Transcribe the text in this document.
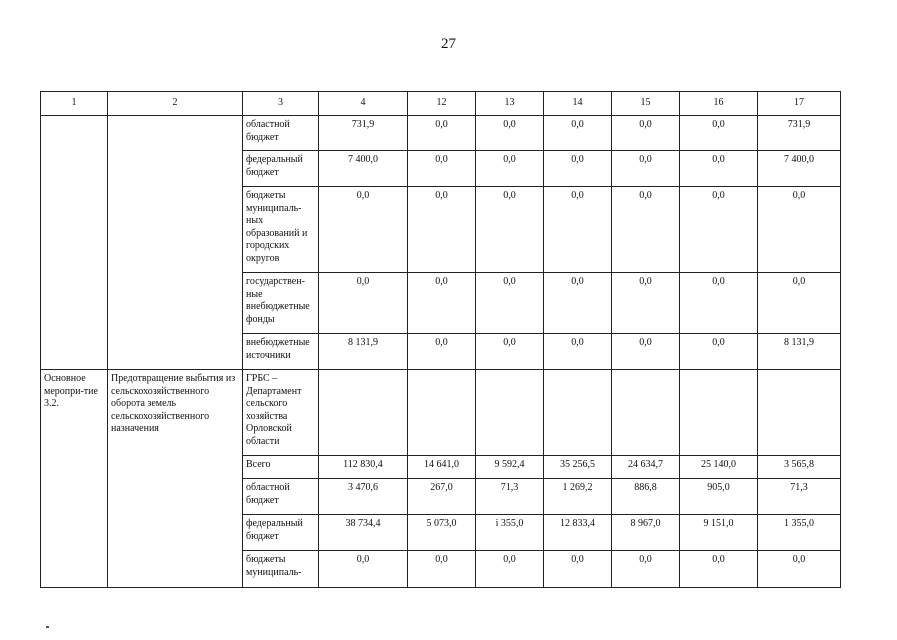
27
1	2	3	4	12	13	14	15	16	17
		областной бюджет	731,9	0,0	0,0	0,0	0,0	0,0	731,9
		федеральный бюджет	7 400,0	0,0	0,0	0,0	0,0	0,0	7 400,0
		бюджеты муниципаль-ных образований и городских округов	0,0	0,0	0,0	0,0	0,0	0,0	0,0
		государствен-ные внебюджетные фонды	0,0	0,0	0,0	0,0	0,0	0,0	0,0
		внебюджетные источники	8 131,9	0,0	0,0	0,0	0,0	0,0	8 131,9
Основное меропри-тие 3.2.	Предотвращение выбытия из сельскохозяйственного оборота земель сельскохозяйственного назначения	ГРБС – Департамент сельского хозяйства Орловской области							
		Всего	112 830,4	14 641,0	9 592,4	35 256,5	24 634,7	25 140,0	3 565,8
		областной бюджет	3 470,6	267,0	71,3	1 269,2	886,8	905,0	71,3
		федеральный бюджет	38 734,4	5 073,0	i 355,0	12 833,4	8 967,0	9 151,0	1 355,0
		бюджеты муниципаль-	0,0	0,0	0,0	0,0	0,0	0,0	0,0
